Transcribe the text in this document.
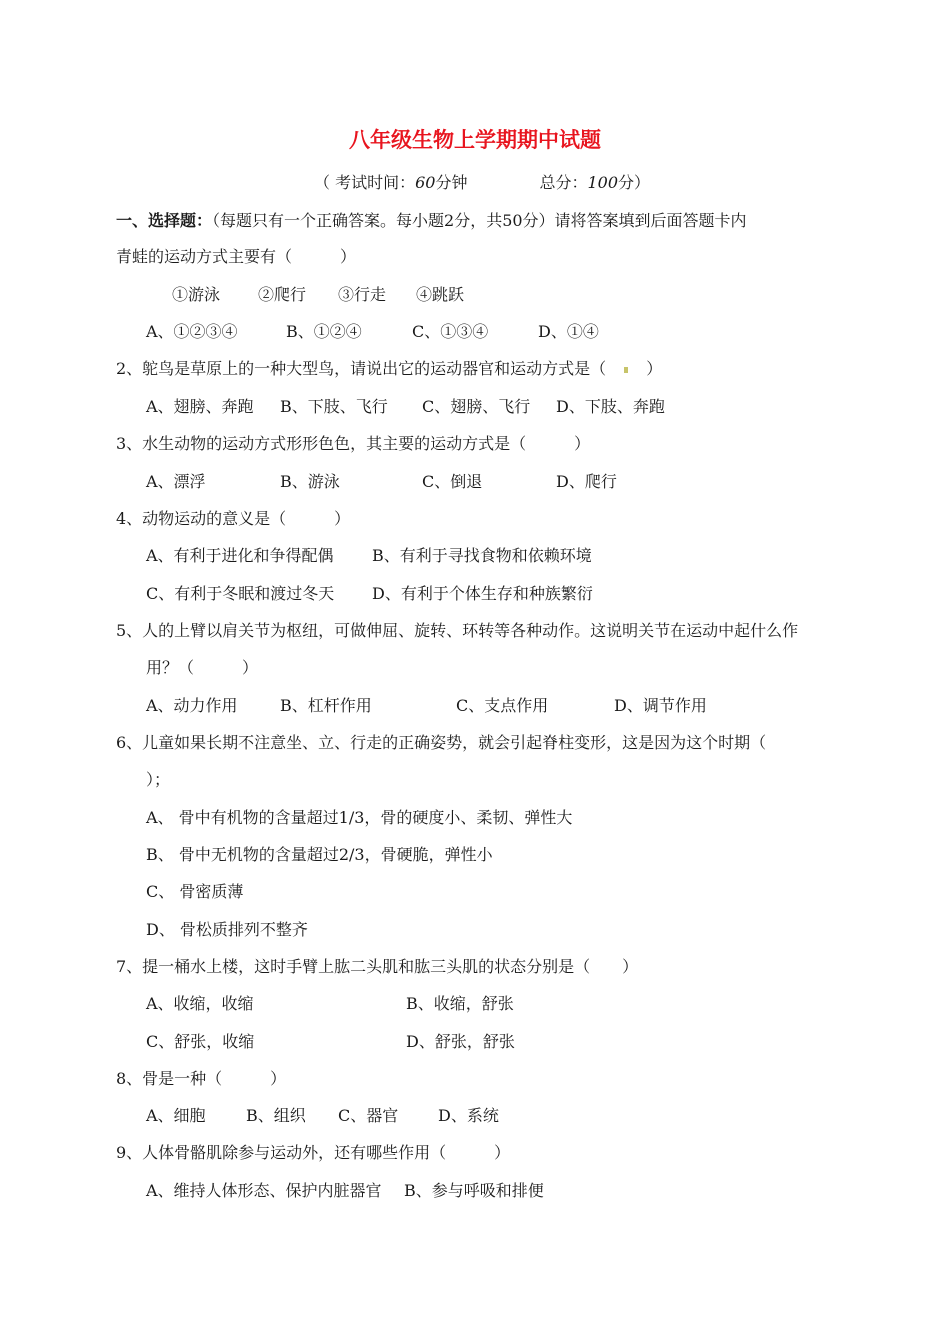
八年级生物上学期期中试题
（ 考试时间：60分钟	总分：100分）
一、选择题：（每题只有一个正确答案。每小题2分，共50分）请将答案填到后面答题卡内
青蛙的运动方式主要有（　　　）
①游泳 ②爬行 ③行走 ④跳跃
A、①②③④	B、①②④	C、①③④	D、①④
2、鸵鸟是草原上的一种大型鸟，请说出它的运动器官和运动方式是（	）
A、翅膀、奔跑 B、下肢、飞行 C、翅膀、飞行 D、下肢、奔跑
3、水生动物的运动方式形形色色，其主要的运动方式是（　　　）
A、漂浮	B、游泳	C、倒退	D、爬行
4、动物运动的意义是（　　　）
A、有利于进化和争得配偶 B、有利于寻找食物和依赖环境
C、有利于冬眠和渡过冬天 D、有利于个体生存和种族繁衍
5、人的上臂以肩关节为枢纽，可做伸屈、旋转、环转等各种动作。这说明关节在运动中起什么作
用？（　　　）
A、动力作用	B、杠杆作用	C、支点作用	D、调节作用
6、儿童如果长期不注意坐、立、行走的正确姿势，就会引起脊柱变形，这是因为这个时期（
）；
A、 骨中有机物的含量超过1/3，骨的硬度小、柔韧、弹性大
B、 骨中无机物的含量超过2/3，骨硬脆，弹性小
C、 骨密质薄
D、 骨松质排列不整齐
7、提一桶水上楼，这时手臂上肱二头肌和肱三头肌的状态分别是（　　）
A、收缩，收缩	B、收缩，舒张
C、舒张，收缩	D、舒张，舒张
8、骨是一种（　　　）
A、细胞	B、组织 C、器官 D、系统
9、人体骨骼肌除参与运动外，还有哪些作用（　　　）
A、维持人体形态、保护内脏器官 B、参与呼吸和排便
